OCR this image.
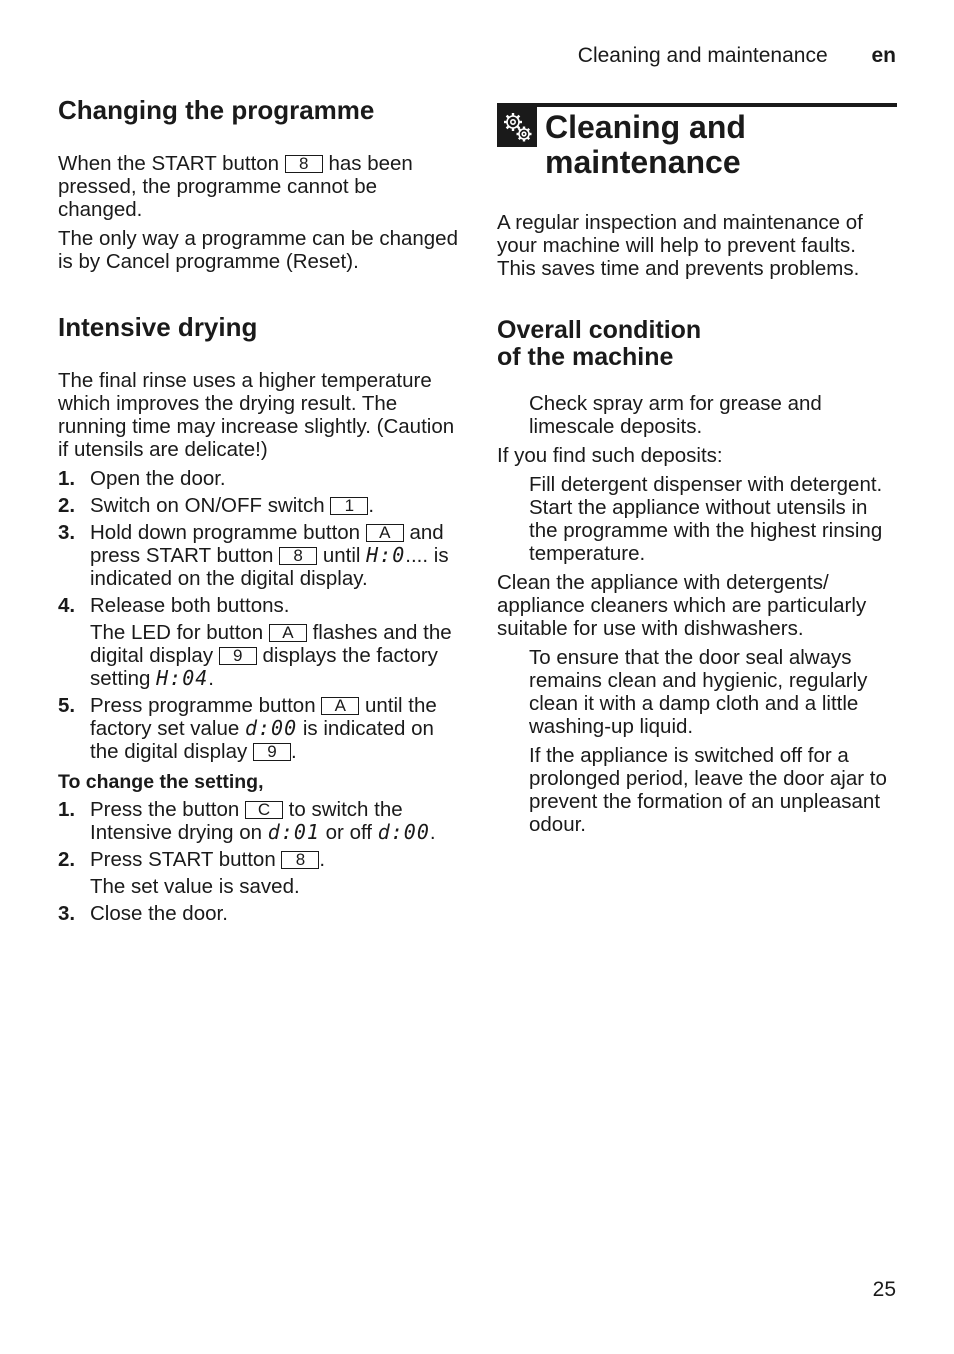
Cleaning and maintenance en
Changing the programme

When the START button 8 has been pressed, the programme cannot be changed.

The only way a programme can be changed is by Cancel programme (Reset).

Intensive drying

The final rinse uses a higher temperature which improves the drying result. The running time may increase slightly. (Caution if utensils are delicate!)

1. Open the door.
2. Switch on ON/OFF switch 1 .
3. Hold down programme button A and press START button 8 until H:0.... is indicated on the digital display.
4. Release both buttons.
The LED for button A flashes and the digital display 9 displays the factory setting H:04.
5. Press programme button A until the factory set value d:00 is indicated on the digital display 9 .

To change the setting,

1. Press the button C to switch the Intensive drying on d:01 or off d:00.
2. Press START button 8 .
The set value is saved.
3. Close the door.
Cleaning and
maintenance

A regular inspection and maintenance of your machine will help to prevent faults. This saves time and prevents problems.

Overall condition
of the machine

Check spray arm for grease and limescale deposits.

If you find such deposits:

Fill detergent dispenser with detergent. Start the appliance without utensils in the programme with the highest rinsing temperature.

Clean the appliance with detergents/ appliance cleaners which are particularly suitable for use with dishwashers.

To ensure that the door seal always remains clean and hygienic, regularly clean it with a damp cloth and a little washing-up liquid.

If the appliance is switched off for a prolonged period, leave the door ajar to prevent the formation of an unpleasant odour.

25
